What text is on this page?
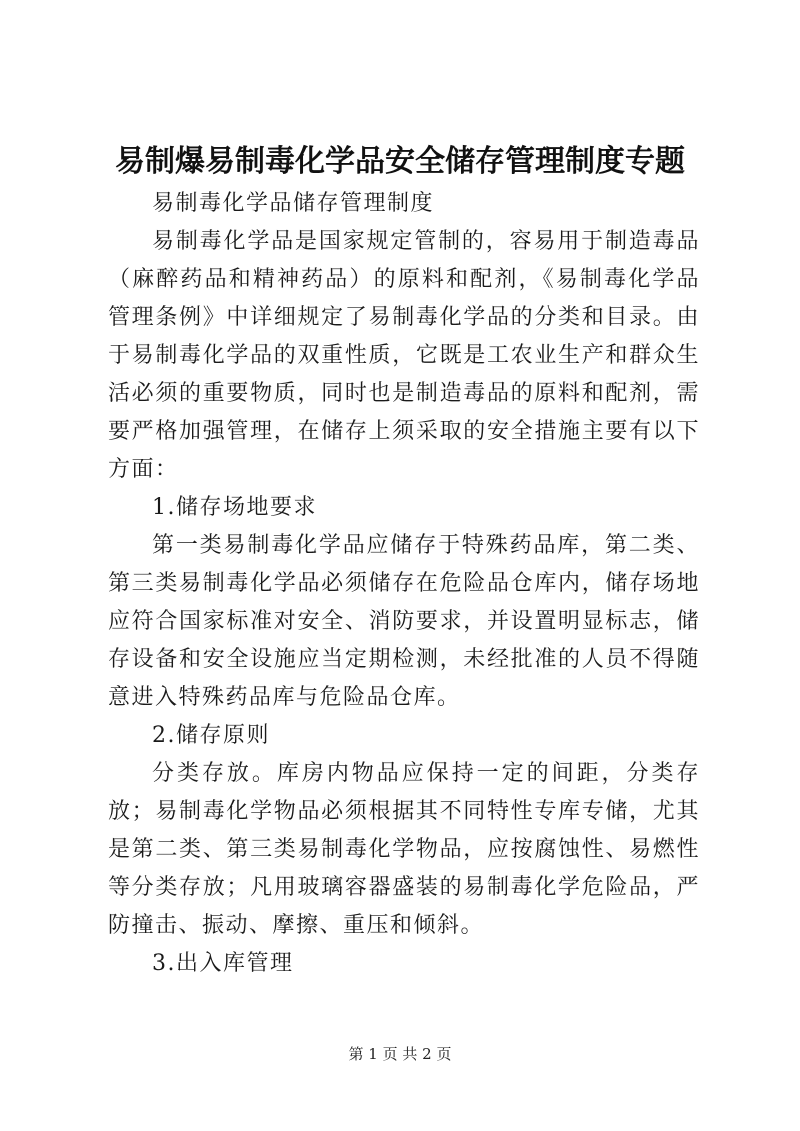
易制爆易制毒化学品安全储存管理制度专题

易制毒化学品储存管理制度

易制毒化学品是国家规定管制的，容易用于制造毒品（麻醉药品和精神药品）的原料和配剂，《易制毒化学品管理条例》中详细规定了易制毒化学品的分类和目录。由于易制毒化学品的双重性质，它既是工农业生产和群众生活必须的重要物质，同时也是制造毒品的原料和配剂，需要严格加强管理，在储存上须采取的安全措施主要有以下方面：

1.储存场地要求

第一类易制毒化学品应储存于特殊药品库，第二类、第三类易制毒化学品必须储存在危险品仓库内，储存场地应符合国家标准对安全、消防要求，并设置明显标志，储存设备和安全设施应当定期检测，未经批准的人员不得随意进入特殊药品库与危险品仓库。

2.储存原则

分类存放。库房内物品应保持一定的间距，分类存放；易制毒化学物品必须根据其不同特性专库专储，尤其是第二类、第三类易制毒化学物品，应按腐蚀性、易燃性等分类存放；凡用玻璃容器盛装的易制毒化学危险品，严防撞击、振动、摩擦、重压和倾斜。

3.出入库管理

第 1 页 共 2 页
